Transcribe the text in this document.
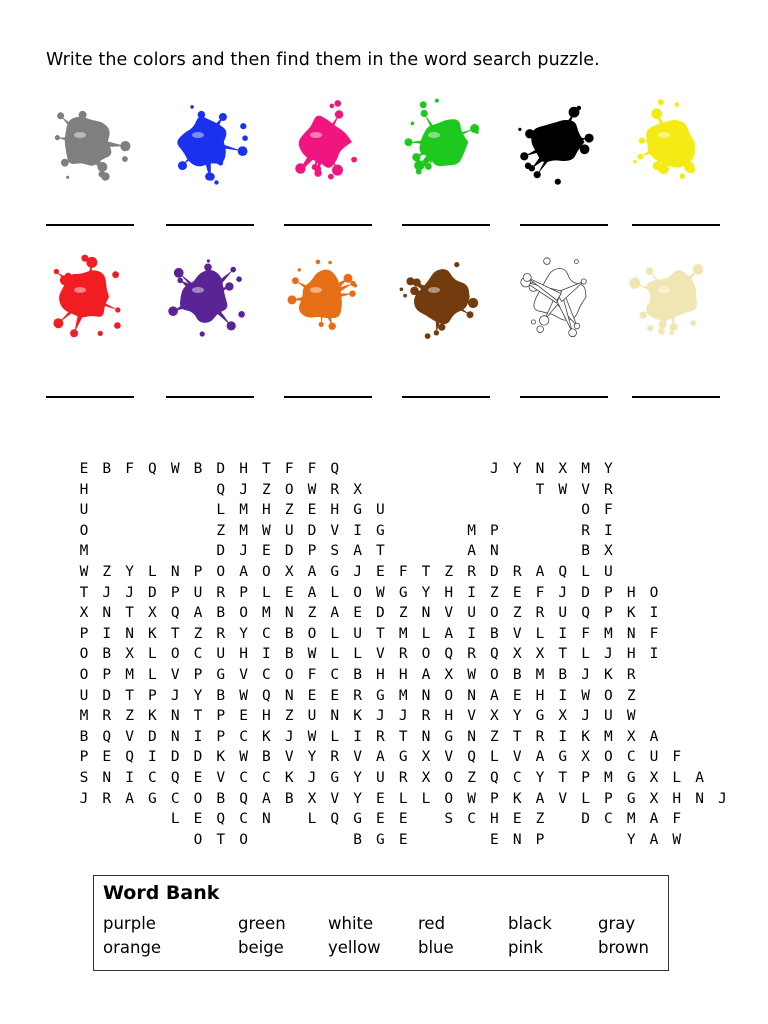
Write the colors and then find them in the word search puzzle.

E B F Q W B D H T F F Q	J Y N X M Y
H	Q J Z O W R X	T W V R
U	L M H Z E H G U	O F
O	Z M W U D V I G	M P	R I
M	D J E D P S A T	A N	B X
W Z Y L N P O A O X A G J E F T Z R D R A Q L U
T J J D P U R P L E A L O W G Y H I Z E F J D P H O
X N T X Q A B O M N Z A E D Z N V U O Z R U Q P K I
P I N K T Z R Y C B O L U T M L A I B V L I F M N F
O B X L O C U H I B W L L V R O Q R Q X X T L J H I
O P M L V P G V C O F C B H H A X W O B M B J K R
U D T P J Y B W Q N E E R G M N O N A E H I W O Z
M R Z K N T P E H Z U N K J J R H V X Y G X J U W
B Q V D N I P C K J W L I R T N G N Z T R I K M X A
P E Q I D D K W B V Y R V A G X V Q L V A G X O C U F
S N I C Q E V C C K J G Y U R X O Z Q C Y T P M G X L A
J R A G C O B Q A B X V Y E L L O W P K A V L P G X H N J
L E Q C N	L Q G E E	S C H E Z	D C M A F
O T O	B G E	E N P	Y A W

Word Bank

purple	green	white	red	black	gray
orange	beige	yellow blue	pink	brown
